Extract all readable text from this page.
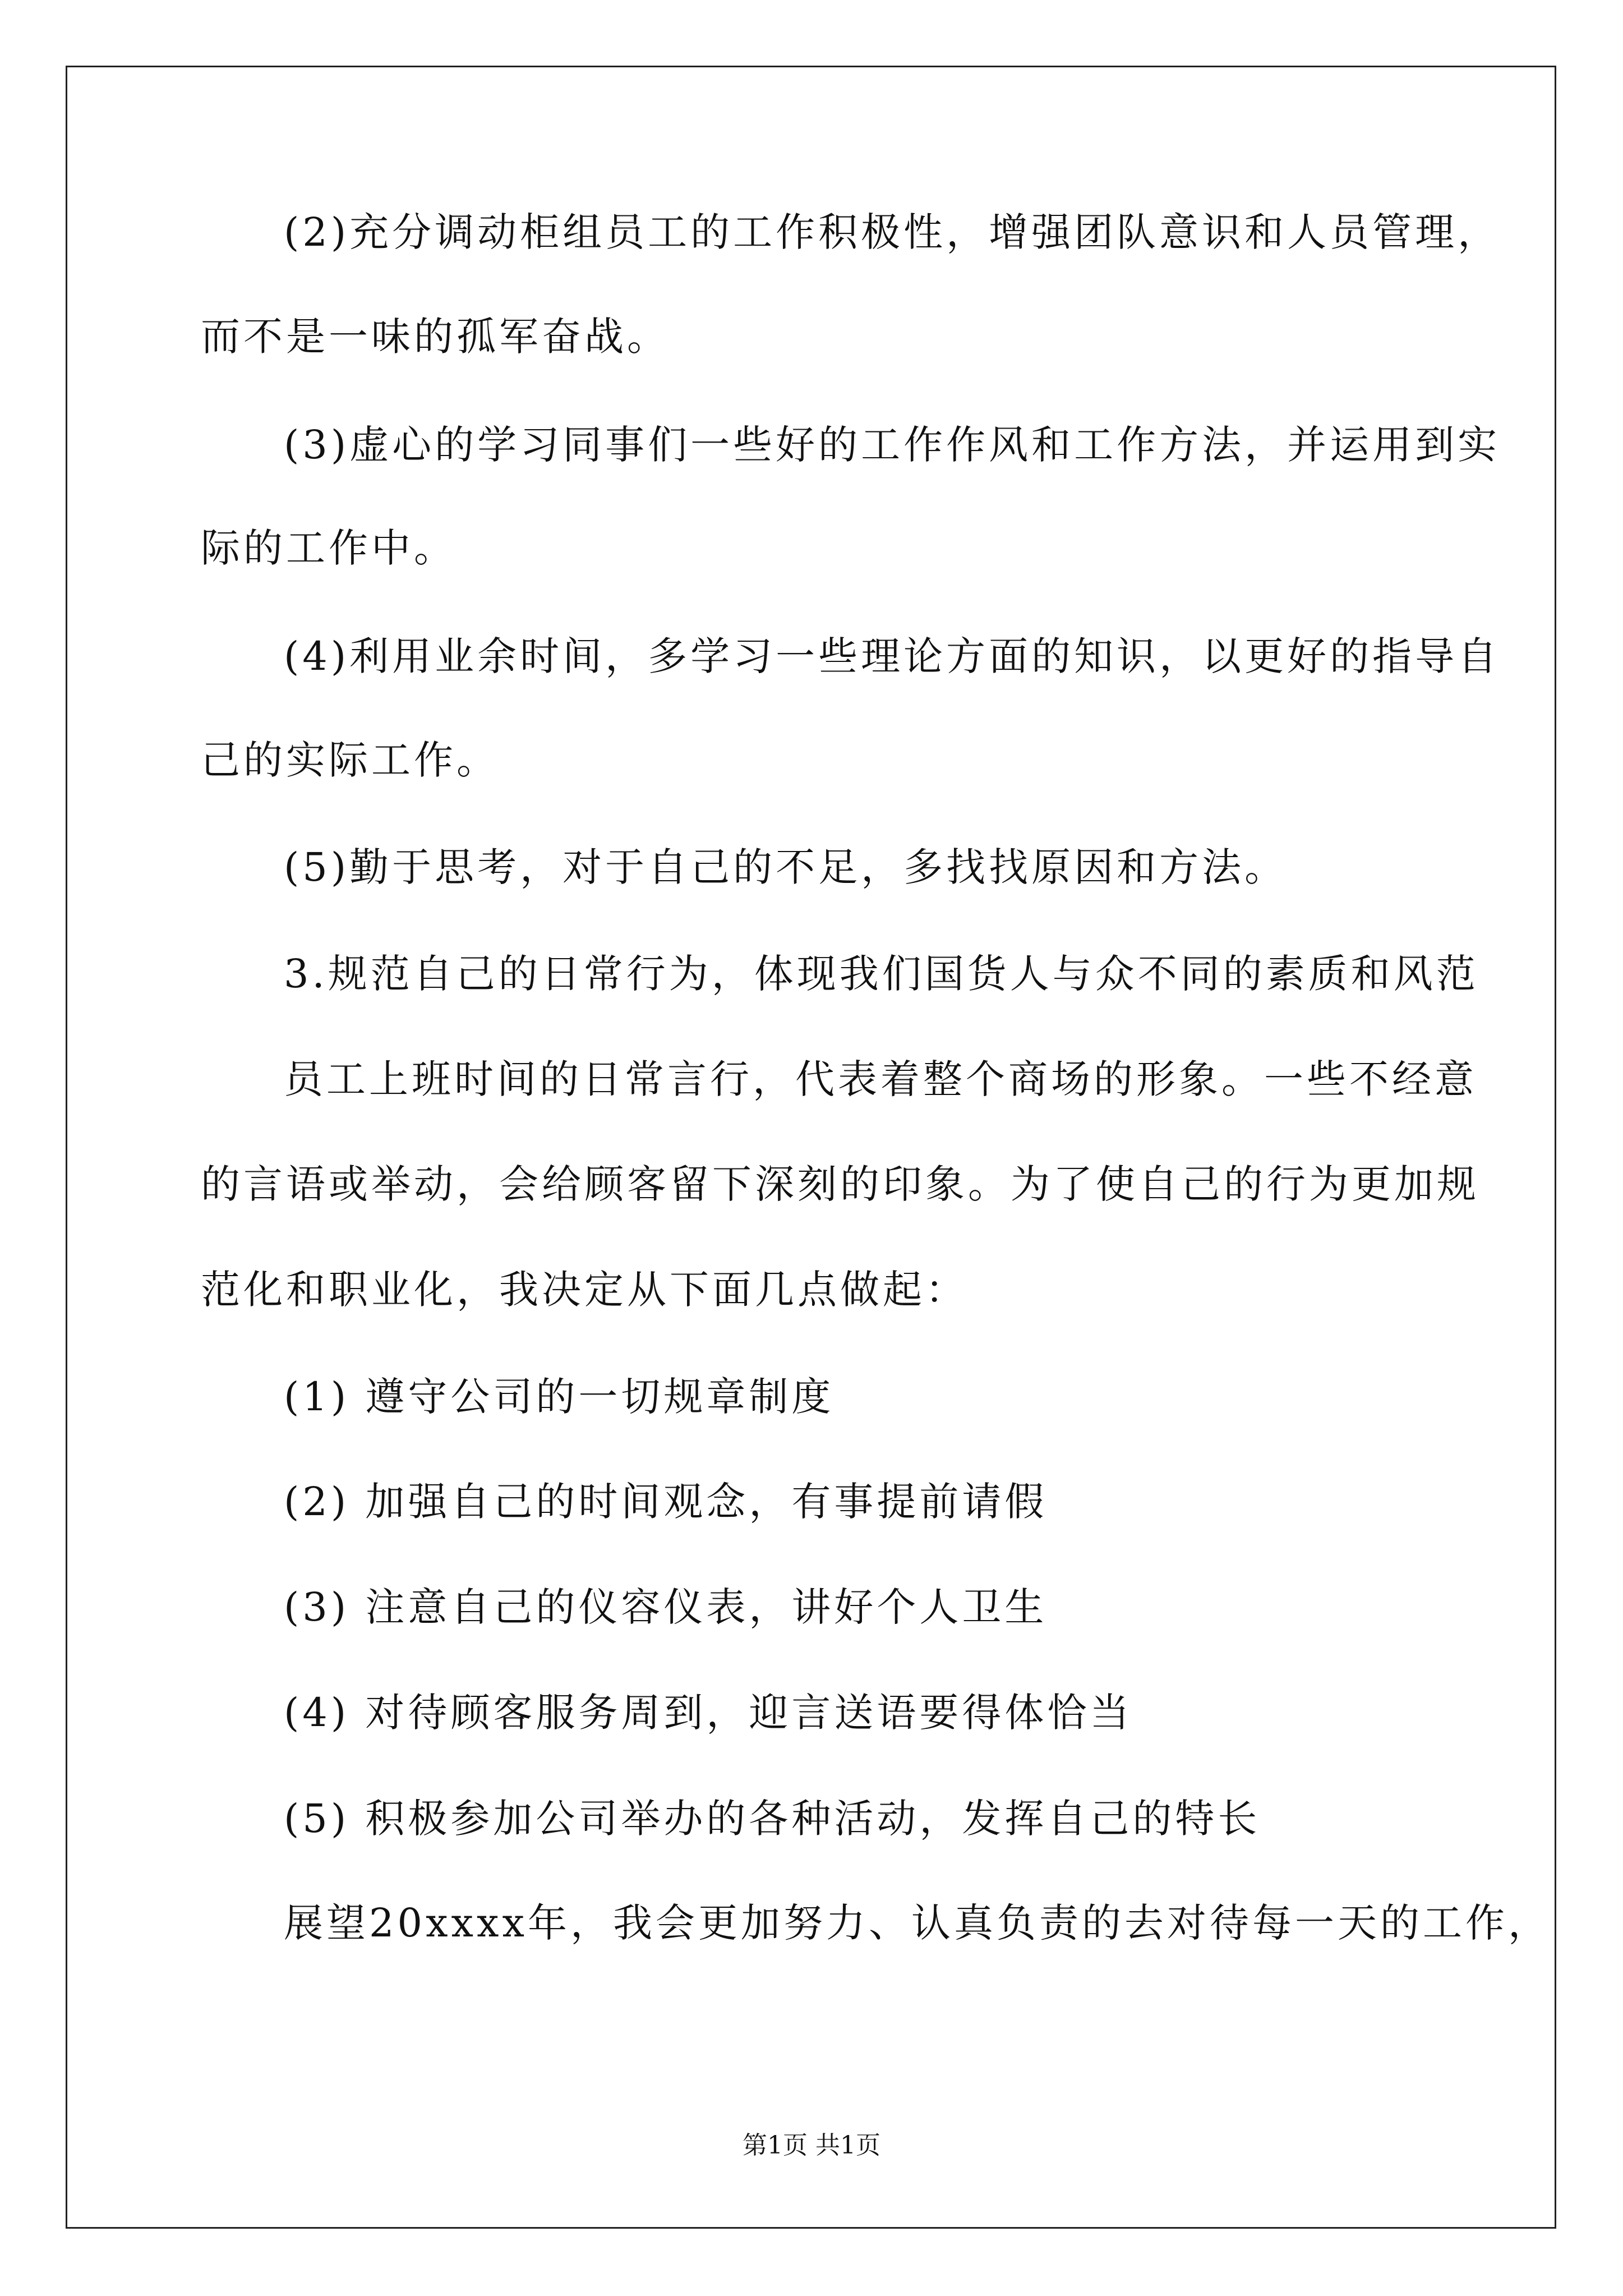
(2)充分调动柜组员工的工作积极性，增强团队意识和人员管理，
而不是一味的孤军奋战。
(3)虚心的学习同事们一些好的工作作风和工作方法，并运用到实
际的工作中。
(4)利用业余时间，多学习一些理论方面的知识，以更好的指导自
己的实际工作。
(5)勤于思考，对于自己的不足，多找找原因和方法。
3.规范自己的日常行为，体现我们国货人与众不同的素质和风范
员工上班时间的日常言行，代表着整个商场的形象。一些不经意
的言语或举动，会给顾客留下深刻的印象。为了使自己的行为更加规
范化和职业化，我决定从下面几点做起：
(1) 遵守公司的一切规章制度
(2) 加强自己的时间观念，有事提前请假
(3) 注意自己的仪容仪表，讲好个人卫生
(4) 对待顾客服务周到，迎言送语要得体恰当
(5) 积极参加公司举办的各种活动，发挥自己的特长
展望20xxxx年，我会更加努力、认真负责的去对待每一天的工作，
第1页 共1页
